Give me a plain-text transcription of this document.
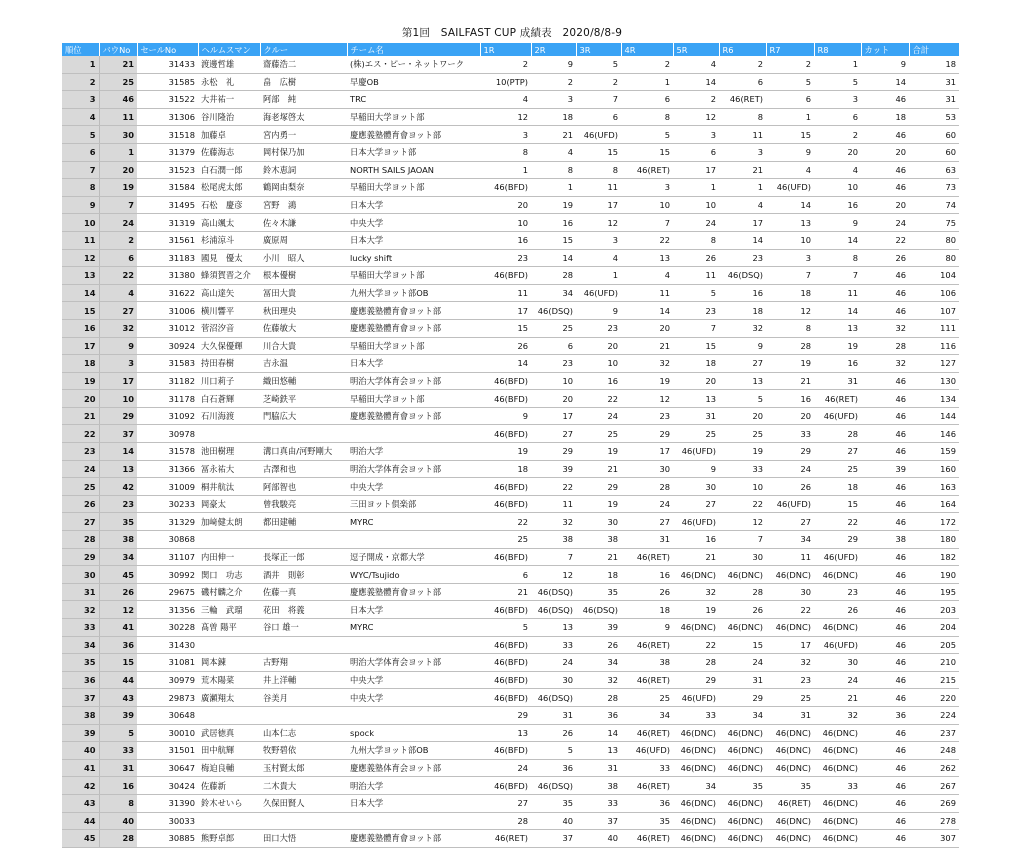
第1回　SAILFAST CUP 成績表　2020/8/8-9
順位	バウNo	セールNo	ヘルムスマン	クルー	チーム名	1R	2R	3R	4R	5R	R6	R7	R8	カット	合計
1	21	31433	渡邊哲雄	齋藤浩二	(株)エス・ピー・ネットワーク	2	9	5	2	4	2	2	1	9	18
2	25	31585	永松　礼	畠　広樹	早慶OB	10(PTP)	2	2	1	14	6	5	5	14	31
3	46	31522	大井祐一	阿部　純	TRC	4	3	7	6	2	46(RET)	6	3	46	31
4	11	31306	谷川隆治	海老塚啓太	早稲田大学ヨット部	12	18	6	8	12	8	1	6	18	53
5	30	31518	加藤卓	宮内勇一	慶應義塾體育會ヨット部	3	21	46(UFD)	5	3	11	15	2	46	60
6	1	31379	佐藤海志	岡村保乃加	日本大学ヨット部	8	4	15	15	6	3	9	20	20	60
7	20	31523	白石潤一郎	鈴木恵詞	NORTH SAILS JAOAN	1	8	8	46(RET)	17	21	4	4	46	63
8	19	31584	松尾虎太郎	鶴岡由梨奈	早稲田大学ヨット部	46(BFD)	1	11	3	1	1	46(UFD)	10	46	73
9	7	31495	石松　慶彦	宮野　鴻	日本大学	20	19	17	10	10	4	14	16	20	74
10	24	31319	高山颯太	佐々木謙	中央大学	10	16	12	7	24	17	13	9	24	75
11	2	31561	杉浦涼斗	廣原周	日本大学	16	15	3	22	8	14	10	14	22	80
12	6	31183	國見　優太	小川　昭人	lucky shift	23	14	4	13	26	23	3	8	26	80
13	22	31380	蜂須賀晋之介	根本優樹	早稲田大学ヨット部	46(BFD)	28	1	4	11	46(DSQ)	7	7	46	104
14	4	31622	高山達矢	冨田大貴	九州大学ヨット部OB	11	34	46(UFD)	11	5	16	18	11	46	106
15	27	31006	横川響平	秋田理央	慶應義塾體育會ヨット部	17	46(DSQ)	9	14	23	18	12	14	46	107
16	32	31012	菅沼汐音	佐藤敏大	慶應義塾體育會ヨット部	15	25	23	20	7	32	8	13	32	111
17	9	30924	大久保優輝	川合大貴	早稲田大学ヨット部	26	6	20	21	15	9	28	19	28	116
18	3	31583	持田春樹	吉永温	日本大学	14	23	10	32	18	27	19	16	32	127
19	17	31182	川口莉子	織田悠輔	明治大学体育会ヨット部	46(BFD)	10	16	19	20	13	21	31	46	130
20	10	31178	白石蒼輝	芝崎鉄平	早稲田大学ヨット部	46(BFD)	20	22	12	13	5	16	46(RET)	46	134
21	29	31092	石川海渡	門脇広大	慶應義塾體育會ヨット部	9	17	24	23	31	20	20	46(UFD)	46	144
22	37	30978				46(BFD)	27	25	29	25	25	33	28	46	146
23	14	31578	池田樹理	溝口真由/河野剛大	明治大学	19	29	19	17	46(UFD)	19	29	27	46	159
24	13	31366	冨永祐大	古澤和也	明治大学体育会ヨット部	18	39	21	30	9	33	24	25	39	160
25	42	31009	桐井航汰	阿部智也	中央大学	46(BFD)	22	29	28	30	10	26	18	46	163
26	23	30233	岡豪太	曾我駿亮	三田ヨット倶楽部	46(BFD)	11	19	24	27	22	46(UFD)	15	46	164
27	35	31329	加﨑健太朗	都田建輔	MYRC	22	32	30	27	46(UFD)	12	27	22	46	172
28	38	30868				25	38	38	31	16	7	34	29	38	180
29	34	31107	内田伸一	長塚正一郎	逗子開成・京都大学	46(BFD)	7	21	46(RET)	21	30	11	46(UFD)	46	182
30	45	30992	関口　功志	酒井　則彰	WYC/Tsujido	6	12	18	16	46(DNC)	46(DNC)	46(DNC)	46(DNC)	46	190
31	26	29675	磯村麟之介	佐藤一真	慶應義塾體育會ヨット部	21	46(DSQ)	35	26	32	28	30	23	46	195
32	12	31356	三輪　武瑠	花田　将義	日本大学	46(BFD)	46(DSQ)	46(DSQ)	18	19	26	22	26	46	203
33	41	30228	髙曽 陽平	谷口 雄一	MYRC	5	13	39	9	46(DNC)	46(DNC)	46(DNC)	46(DNC)	46	204
34	36	31430				46(BFD)	33	26	46(RET)	22	15	17	46(UFD)	46	205
35	15	31081	岡本錬	古野翔	明治大学体育会ヨット部	46(BFD)	24	34	38	28	24	32	30	46	210
36	44	30979	荒木陽菜	井上洋輔	中央大学	46(BFD)	30	32	46(RET)	29	31	23	24	46	215
37	43	29873	廣瀬翔太	谷美月	中央大学	46(BFD)	46(DSQ)	28	25	46(UFD)	29	25	21	46	220
38	39	30648				29	31	36	34	33	34	31	32	36	224
39	5	30010	武居徳真	山本仁志	spock	13	26	14	46(RET)	46(DNC)	46(DNC)	46(DNC)	46(DNC)	46	237
40	33	31501	田中航輝	牧野碧依	九州大学ヨット部OB	46(BFD)	5	13	46(UFD)	46(DNC)	46(DNC)	46(DNC)	46(DNC)	46	248
41	31	30647	梅迫良輔	玉村賢太郎	慶應義塾体育会ヨット部	24	36	31	33	46(DNC)	46(DNC)	46(DNC)	46(DNC)	46	262
42	16	30424	佐藤新	二木貴大	明治大学	46(BFD)	46(DSQ)	38	46(RET)	34	35	35	33	46	267
43	8	31390	鈴木せいら	久保田賢人	日本大学	27	35	33	36	46(DNC)	46(DNC)	46(RET)	46(DNC)	46	269
44	40	30033				28	40	37	35	46(DNC)	46(DNC)	46(DNC)	46(DNC)	46	278
45	28	30885	熊野卓郎	田口大悟	慶應義塾體育會ヨット部	46(RET)	37	40	46(RET)	46(DNC)	46(DNC)	46(DNC)	46(DNC)	46	307
